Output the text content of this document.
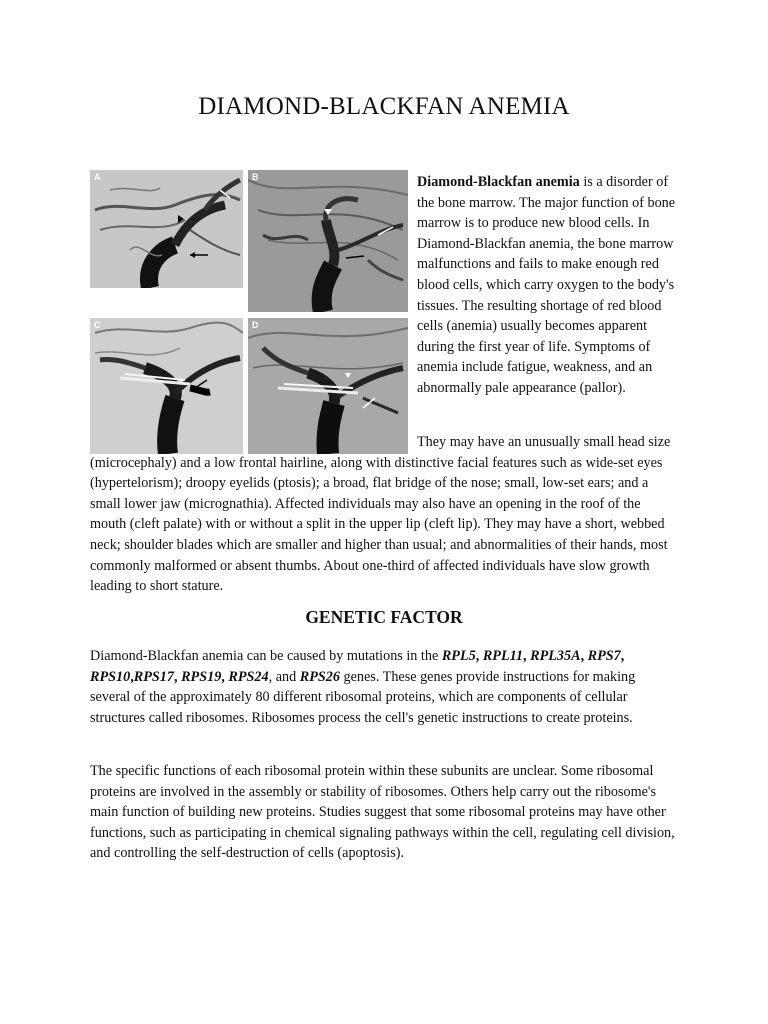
DIAMOND-BLACKFAN ANEMIA
A	B
C	D

Diamond-Blackfan anemia is a disorder of the bone marrow. The major function of bone marrow is to produce new blood cells. In Diamond-Blackfan anemia, the bone marrow malfunctions and fails to make enough red blood cells, which carry oxygen to the body's tissues. The resulting shortage of red blood cells (anemia) usually becomes apparent during the first year of life. Symptoms of anemia include fatigue, weakness, and an abnormally pale appearance (pallor).

They may have an unusually small head size (microcephaly) and a low frontal hairline, along with distinctive facial features such as wide-set eyes (hypertelorism); droopy eyelids (ptosis); a broad, flat bridge of the nose; small, low-set ears; and a small lower jaw (micrognathia). Affected individuals may also have an opening in the roof of the mouth (cleft palate) with or without a split in the upper lip (cleft lip). They may have a short, webbed neck; shoulder blades which are smaller and higher than usual; and abnormalities of their hands, most commonly malformed or absent thumbs. About one-third of affected individuals have slow growth leading to short stature.

GENETIC FACTOR

Diamond-Blackfan anemia can be caused by mutations in the RPL5, RPL11, RPL35A, RPS7, RPS10,RPS17, RPS19, RPS24, and RPS26 genes. These genes provide instructions for making several of the approximately 80 different ribosomal proteins, which are components of cellular structures called ribosomes. Ribosomes process the cell's genetic instructions to create proteins.

The specific functions of each ribosomal protein within these subunits are unclear. Some ribosomal proteins are involved in the assembly or stability of ribosomes. Others help carry out the ribosome's main function of building new proteins. Studies suggest that some ribosomal proteins may have other functions, such as participating in chemical signaling pathways within the cell, regulating cell division, and controlling the self-destruction of cells (apoptosis).
